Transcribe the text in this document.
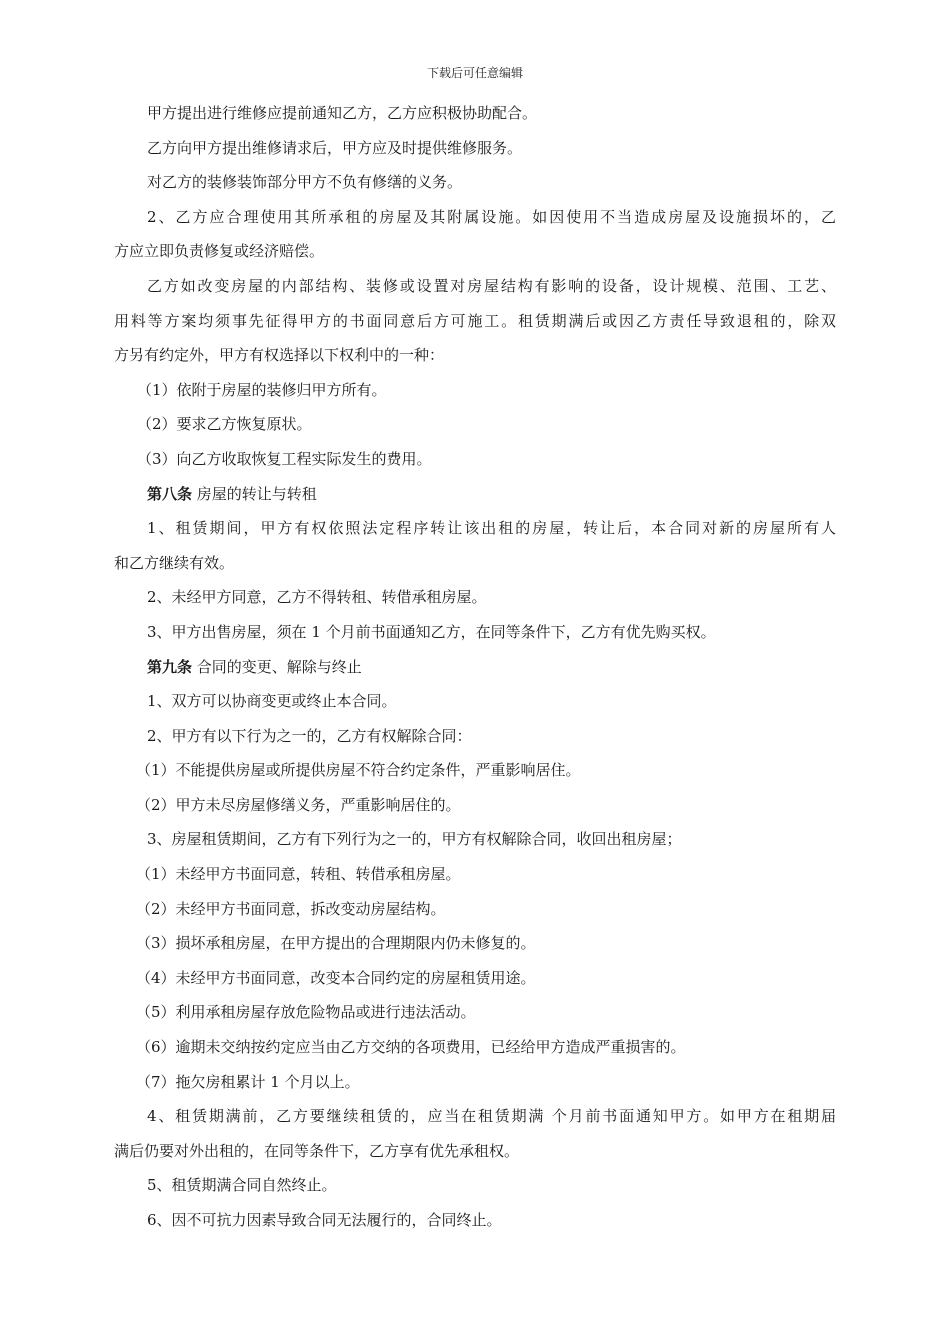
下载后可任意编辑
甲方提出进行维修应提前通知乙方，乙方应积极协助配合。
乙方向甲方提出维修请求后，甲方应及时提供维修服务。
对乙方的装修装饰部分甲方不负有修缮的义务。
2、乙方应合理使用其所承租的房屋及其附属设施。如因使用不当造成房屋及设施损坏的，乙
方应立即负责修复或经济赔偿。
乙方如改变房屋的内部结构、装修或设置对房屋结构有影响的设备，设计规模、范围、工艺、
用料等方案均须事先征得甲方的书面同意后方可施工。租赁期满后或因乙方责任导致退租的，除双
方另有约定外，甲方有权选择以下权利中的一种：
（1）依附于房屋的装修归甲方所有。
（2）要求乙方恢复原状。
（3）向乙方收取恢复工程实际发生的费用。
第八条 房屋的转让与转租
1、租赁期间，甲方有权依照法定程序转让该出租的房屋，转让后，本合同对新的房屋所有人
和乙方继续有效。
2、未经甲方同意，乙方不得转租、转借承租房屋。
3、甲方出售房屋，须在 1 个月前书面通知乙方，在同等条件下，乙方有优先购买权。
第九条 合同的变更、解除与终止
1、双方可以协商变更或终止本合同。
2、甲方有以下行为之一的，乙方有权解除合同：
（1）不能提供房屋或所提供房屋不符合约定条件，严重影响居住。
（2）甲方未尽房屋修缮义务，严重影响居住的。
3、房屋租赁期间，乙方有下列行为之一的，甲方有权解除合同，收回出租房屋；
（1）未经甲方书面同意，转租、转借承租房屋。
（2）未经甲方书面同意，拆改变动房屋结构。
（3）损坏承租房屋，在甲方提出的合理期限内仍未修复的。
（4）未经甲方书面同意，改变本合同约定的房屋租赁用途。
（5）利用承租房屋存放危险物品或进行违法活动。
（6）逾期未交纳按约定应当由乙方交纳的各项费用，已经给甲方造成严重损害的。
（7）拖欠房租累计 1 个月以上。
4、租赁期满前，乙方要继续租赁的，应当在租赁期满 个月前书面通知甲方。如甲方在租期届
满后仍要对外出租的，在同等条件下，乙方享有优先承租权。
5、租赁期满合同自然终止。
6、因不可抗力因素导致合同无法履行的，合同终止。
